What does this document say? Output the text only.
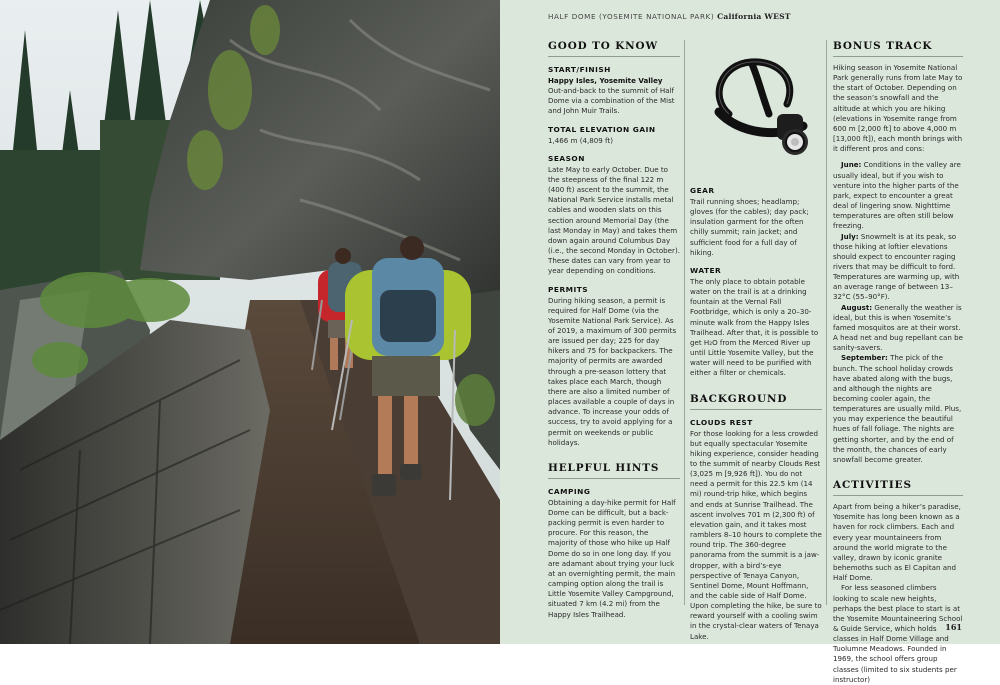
HALF DOME (YOSEMITE NATIONAL PARK) California WEST
GOOD TO KNOW
START/FINISH

Happy Isles, Yosemite Valley

Out-and-back to the summit of Half Dome via a combination of the Mist and John Muir Trails.

TOTAL ELEVATION GAIN

1,466 m (4,809 ft)

SEASON

Late May to early October. Due to the steepness of the final 122 m (400 ft) ascent to the summit, the National Park Service installs metal cables and wooden slats on this section around Memorial Day (the last Monday in May) and takes them down again around Columbus Day (i.e., the second Monday in October). These dates can vary from year to year depending on conditions.

PERMITS

During hiking season, a permit is required for Half Dome (via the Yosemite National Park Service). As of 2019, a maximum of 300 permits are issued per day; 225 for day hikers and 75 for backpackers. The majority of permits are awarded through a pre-season lottery that takes place each March, though there are also a limited number of places available a couple of days in advance. To increase your odds of success, try to avoid applying for a permit on weekends or public holidays.

HELPFUL HINTS
CAMPING

Obtaining a day-hike permit for Half Dome can be difficult, but a back-packing permit is even harder to procure. For this reason, the majority of those who hike up Half Dome do so in one long day. If you are adamant about trying your luck at an overnighting permit, the main camping option along the trail is Little Yosemite Valley Campground, situated 7 km (4.2 mi) from the Happy Isles Trailhead.

GEAR

Trail running shoes; headlamp; gloves (for the cables); day pack; insulation garment for the often chilly summit; rain jacket; and sufficient food for a full day of hiking.

WATER

The only place to obtain potable water on the trail is at a drinking fountain at the Vernal Fall Footbridge, which is only a 20–30-minute walk from the Happy Isles Trailhead. After that, it is possible to get H₂O from the Merced River up until Little Yosemite Valley, but the water will need to be purified with either a filter or chemicals.

BACKGROUND
CLOUDS REST

For those looking for a less crowded but equally spectacular Yosemite hiking experience, consider heading to the summit of nearby Clouds Rest (3,025 m [9,926 ft]). You do not need a permit for this 22.5 km (14 mi) round-trip hike, which begins and ends at Sunrise Trailhead. The ascent involves 701 m (2,300 ft) of elevation gain, and it takes most ramblers 8–10 hours to complete the round trip. The 360-degree panorama from the summit is a jaw-dropper, with a bird’s-eye perspective of Tenaya Canyon, Sentinel Dome, Mount Hoffmann, and the cable side of Half Dome. Upon completing the hike, be sure to reward yourself with a cooling swim in the crystal-clear waters of Tenaya Lake.

BONUS TRACK

Hiking season in Yosemite National Park generally runs from late May to the start of October. Depending on the season’s snowfall and the altitude at which you are hiking (elevations in Yosemite range from 600 m [2,000 ft] to above 4,000 m [13,000 ft]), each month brings with it different pros and cons:

June: Conditions in the valley are usually ideal, but if you wish to venture into the higher parts of the park, expect to encounter a great deal of lingering snow. Nighttime temperatures are often still below freezing.

July: Snowmelt is at its peak, so those hiking at loftier elevations should expect to encounter raging rivers that may be difficult to ford. Temperatures are warming up, with an average range of between 13–32°C (55–90°F).

August: Generally the weather is ideal, but this is when Yosemite’s famed mosquitos are at their worst. A head net and bug repellant can be sanity-savers.

September: The pick of the bunch. The school holiday crowds have abated along with the bugs, and although the nights are becoming cooler again, the temperatures are usually mild. Plus, you may experience the beautiful hues of fall foliage. The nights are getting shorter, and by the end of the month, the chances of early snowfall become greater.

ACTIVITIES

Apart from being a hiker’s paradise, Yosemite has long been known as a haven for rock climbers. Each and every year mountaineers from around the world migrate to the valley, drawn by iconic granite behemoths such as El Capitan and Half Dome.

For less seasoned climbers looking to scale new heights, perhaps the best place to start is at the Yosemite Mountaineering School & Guide Service, which holds classes in Half Dome Village and Tuolumne Meadows. Founded in 1969, the school offers group classes (limited to six students per instructor)

161
